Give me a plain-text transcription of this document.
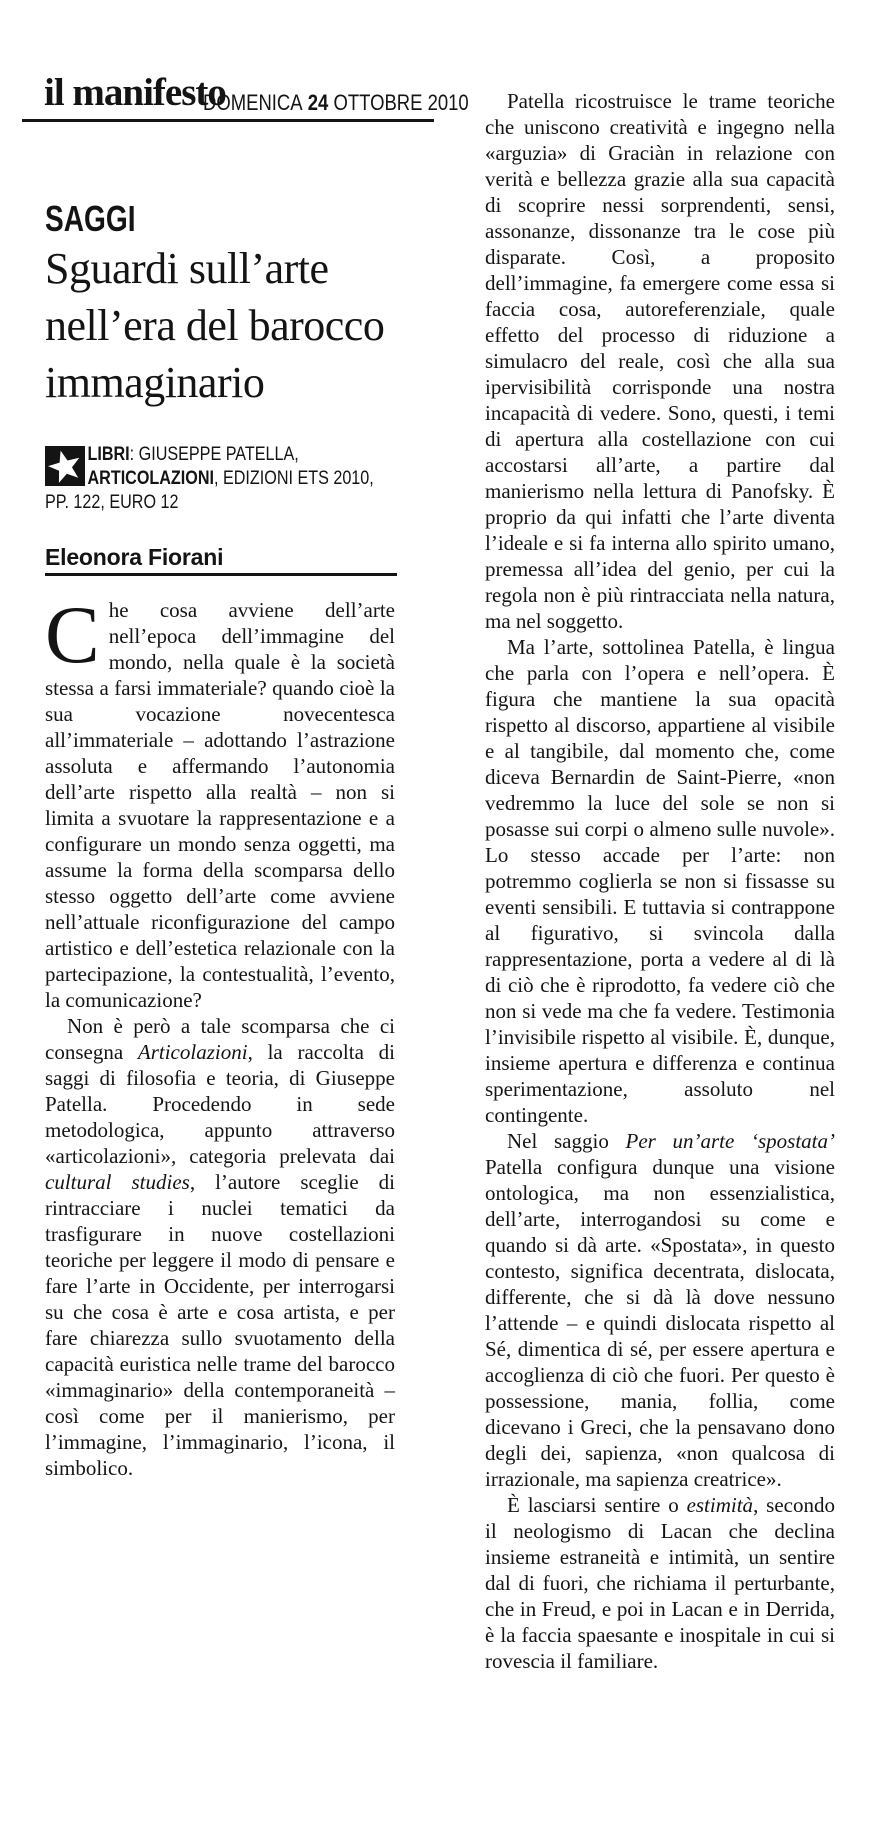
il manifesto
DOMENICA 24 OTTOBRE 2010
SAGGI
Sguardi sull’arte
nell’era del barocco
immaginario
LIBRI: GIUSEPPE PATELLA, ARTICOLAZIONI, EDIZIONI ETS 2010, PP. 122, EURO 12
Eleonora Fiorani

Che cosa avviene dell’arte nell’epoca dell’immagine del mondo, nella quale è la società stessa a farsi immateriale? quando cioè la sua vocazione novecentesca all’immateriale – adottando l’astrazione assoluta e affermando l’autonomia dell’arte rispetto alla realtà – non si limita a svuotare la rappresentazione e a configurare un mondo senza oggetti, ma assume la forma della scomparsa dello stesso oggetto dell’arte come avviene nell’attuale riconfigurazione del campo artistico e dell’estetica relazionale con la partecipazione, la contestualità, l’evento, la comunicazione?

Non è però a tale scomparsa che ci consegna Articolazioni, la raccolta di saggi di filosofia e teoria, di Giuseppe Patella. Procedendo in sede metodologica, appunto attraverso «articolazioni», categoria prelevata dai cultural studies, l’autore sceglie di rintracciare i nuclei tematici da trasfigurare in nuove costellazioni teoriche per leggere il modo di pensare e fare l’arte in Occidente, per interrogarsi su che cosa è arte e cosa artista, e per fare chiarezza sullo svuotamento della capacità euristica nelle trame del barocco «immaginario» della contemporaneità – così come per il manierismo, per l’immagine, l’immaginario, l’icona, il simbolico.

Patella ricostruisce le trame teoriche che uniscono creatività e ingegno nella «arguzia» di Graciàn in relazione con verità e bellezza grazie alla sua capacità di scoprire nessi sorprendenti, sensi, assonanze, dissonanze tra le cose più disparate. Così, a proposito dell’immagine, fa emergere come essa si faccia cosa, autoreferenziale, quale effetto del processo di riduzione a simulacro del reale, così che alla sua ipervisibilità corrisponde una nostra incapacità di vedere. Sono, questi, i temi di apertura alla costellazione con cui accostarsi all’arte, a partire dal manierismo nella lettura di Panofsky. È proprio da qui infatti che l’arte diventa l’ideale e si fa interna allo spirito umano, premessa all’idea del genio, per cui la regola non è più rintracciata nella natura, ma nel soggetto.

Ma l’arte, sottolinea Patella, è lingua che parla con l’opera e nell’opera. È figura che mantiene la sua opacità rispetto al discorso, appartiene al visibile e al tangibile, dal momento che, come diceva Bernardin de Saint-Pierre, «non vedremmo la luce del sole se non si posasse sui corpi o almeno sulle nuvole». Lo stesso accade per l’arte: non potremmo coglierla se non si fissasse su eventi sensibili. E tuttavia si contrappone al figurativo, si svincola dalla rappresentazione, porta a vedere al di là di ciò che è riprodotto, fa vedere ciò che non si vede ma che fa vedere. Testimonia l’invisibile rispetto al visibile. È, dunque, insieme apertura e differenza e continua sperimentazione, assoluto nel contingente.

Nel saggio Per un’arte ‘spostata’ Patella configura dunque una visione ontologica, ma non essenzialistica, dell’arte, interrogandosi su come e quando si dà arte. «Spostata», in questo contesto, significa decentrata, dislocata, differente, che si dà là dove nessuno l’attende – e quindi dislocata rispetto al Sé, dimentica di sé, per essere apertura e accoglienza di ciò che fuori. Per questo è possessione, mania, follia, come dicevano i Greci, che la pensavano dono degli dei, sapienza, «non qualcosa di irrazionale, ma sapienza creatrice».

È lasciarsi sentire o estimità, secondo il neologismo di Lacan che declina insieme estraneità e intimità, un sentire dal di fuori, che richiama il perturbante, che in Freud, e poi in Lacan e in Derrida, è la faccia spaesante e inospitale in cui si rovescia il familiare.
